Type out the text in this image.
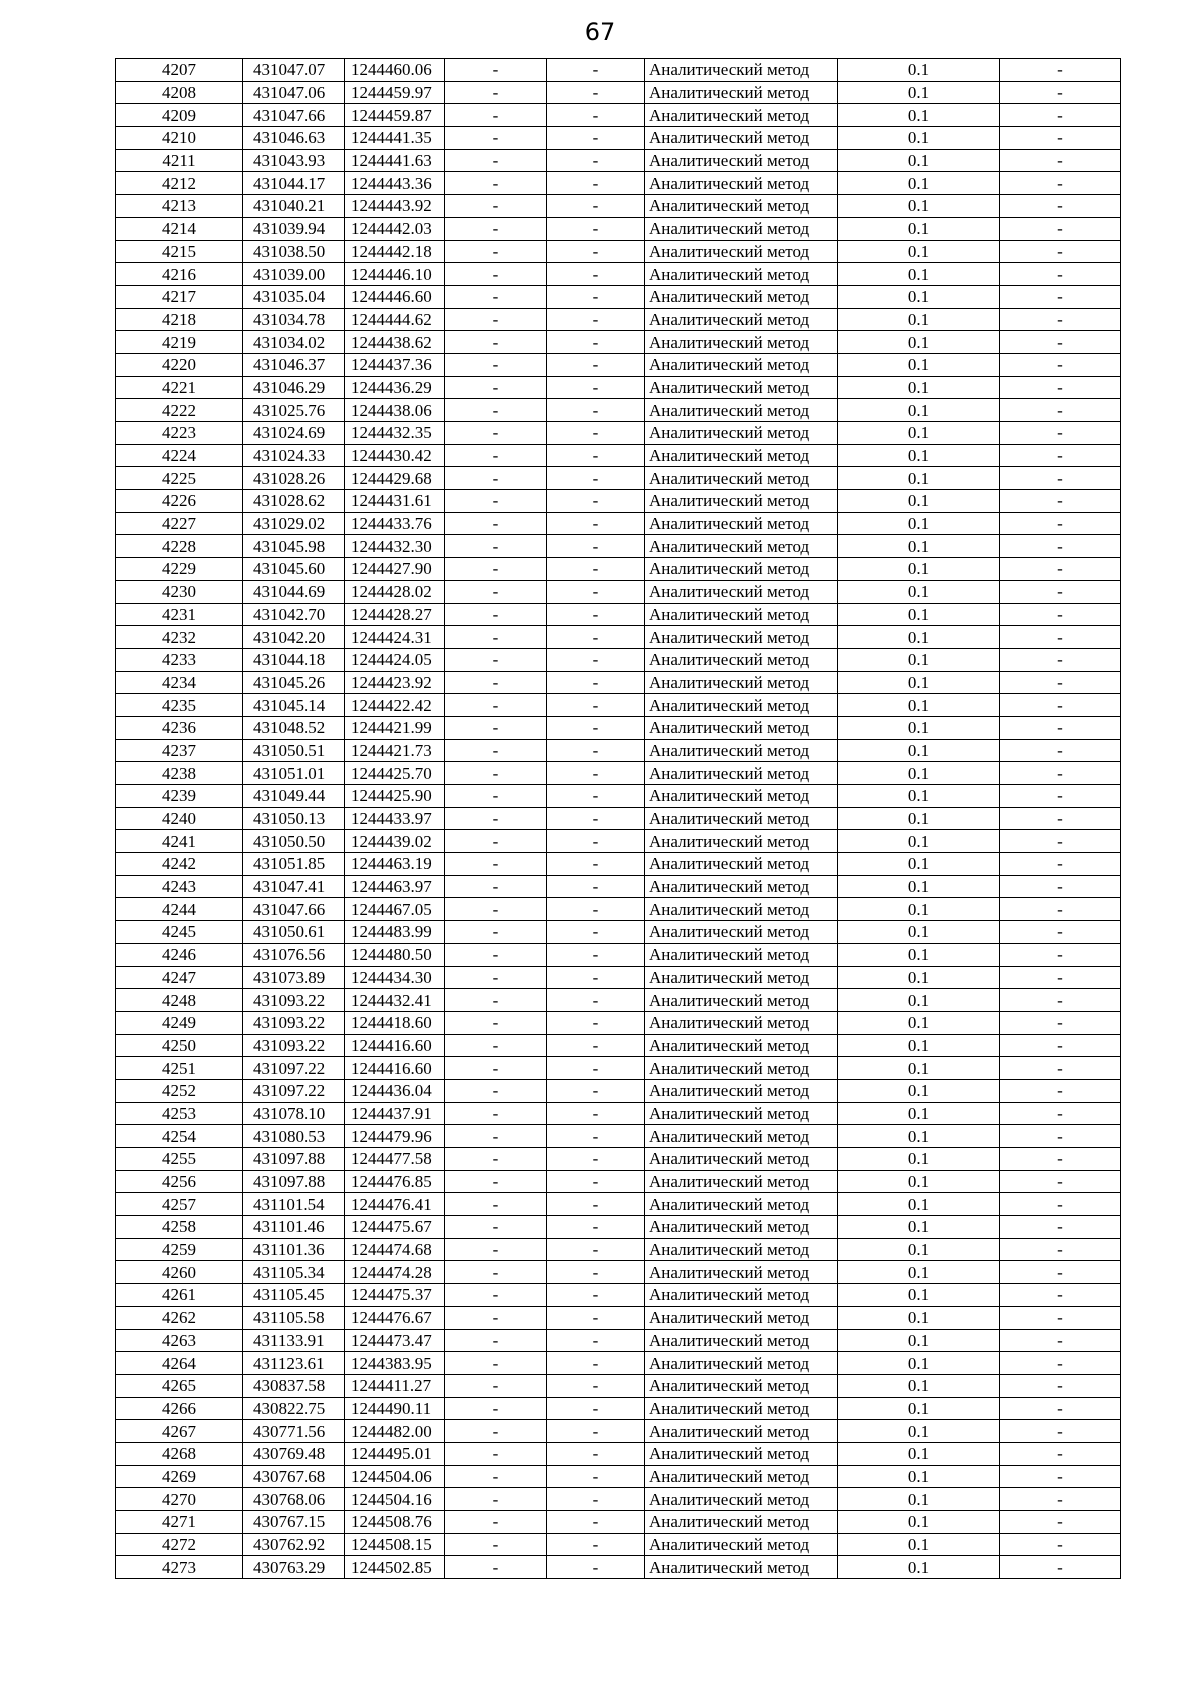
67
4207	431047.07	1244460.06	-	-	Аналитический метод	0.1	-
4208	431047.06	1244459.97	-	-	Аналитический метод	0.1	-
4209	431047.66	1244459.87	-	-	Аналитический метод	0.1	-
4210	431046.63	1244441.35	-	-	Аналитический метод	0.1	-
4211	431043.93	1244441.63	-	-	Аналитический метод	0.1	-
4212	431044.17	1244443.36	-	-	Аналитический метод	0.1	-
4213	431040.21	1244443.92	-	-	Аналитический метод	0.1	-
4214	431039.94	1244442.03	-	-	Аналитический метод	0.1	-
4215	431038.50	1244442.18	-	-	Аналитический метод	0.1	-
4216	431039.00	1244446.10	-	-	Аналитический метод	0.1	-
4217	431035.04	1244446.60	-	-	Аналитический метод	0.1	-
4218	431034.78	1244444.62	-	-	Аналитический метод	0.1	-
4219	431034.02	1244438.62	-	-	Аналитический метод	0.1	-
4220	431046.37	1244437.36	-	-	Аналитический метод	0.1	-
4221	431046.29	1244436.29	-	-	Аналитический метод	0.1	-
4222	431025.76	1244438.06	-	-	Аналитический метод	0.1	-
4223	431024.69	1244432.35	-	-	Аналитический метод	0.1	-
4224	431024.33	1244430.42	-	-	Аналитический метод	0.1	-
4225	431028.26	1244429.68	-	-	Аналитический метод	0.1	-
4226	431028.62	1244431.61	-	-	Аналитический метод	0.1	-
4227	431029.02	1244433.76	-	-	Аналитический метод	0.1	-
4228	431045.98	1244432.30	-	-	Аналитический метод	0.1	-
4229	431045.60	1244427.90	-	-	Аналитический метод	0.1	-
4230	431044.69	1244428.02	-	-	Аналитический метод	0.1	-
4231	431042.70	1244428.27	-	-	Аналитический метод	0.1	-
4232	431042.20	1244424.31	-	-	Аналитический метод	0.1	-
4233	431044.18	1244424.05	-	-	Аналитический метод	0.1	-
4234	431045.26	1244423.92	-	-	Аналитический метод	0.1	-
4235	431045.14	1244422.42	-	-	Аналитический метод	0.1	-
4236	431048.52	1244421.99	-	-	Аналитический метод	0.1	-
4237	431050.51	1244421.73	-	-	Аналитический метод	0.1	-
4238	431051.01	1244425.70	-	-	Аналитический метод	0.1	-
4239	431049.44	1244425.90	-	-	Аналитический метод	0.1	-
4240	431050.13	1244433.97	-	-	Аналитический метод	0.1	-
4241	431050.50	1244439.02	-	-	Аналитический метод	0.1	-
4242	431051.85	1244463.19	-	-	Аналитический метод	0.1	-
4243	431047.41	1244463.97	-	-	Аналитический метод	0.1	-
4244	431047.66	1244467.05	-	-	Аналитический метод	0.1	-
4245	431050.61	1244483.99	-	-	Аналитический метод	0.1	-
4246	431076.56	1244480.50	-	-	Аналитический метод	0.1	-
4247	431073.89	1244434.30	-	-	Аналитический метод	0.1	-
4248	431093.22	1244432.41	-	-	Аналитический метод	0.1	-
4249	431093.22	1244418.60	-	-	Аналитический метод	0.1	-
4250	431093.22	1244416.60	-	-	Аналитический метод	0.1	-
4251	431097.22	1244416.60	-	-	Аналитический метод	0.1	-
4252	431097.22	1244436.04	-	-	Аналитический метод	0.1	-
4253	431078.10	1244437.91	-	-	Аналитический метод	0.1	-
4254	431080.53	1244479.96	-	-	Аналитический метод	0.1	-
4255	431097.88	1244477.58	-	-	Аналитический метод	0.1	-
4256	431097.88	1244476.85	-	-	Аналитический метод	0.1	-
4257	431101.54	1244476.41	-	-	Аналитический метод	0.1	-
4258	431101.46	1244475.67	-	-	Аналитический метод	0.1	-
4259	431101.36	1244474.68	-	-	Аналитический метод	0.1	-
4260	431105.34	1244474.28	-	-	Аналитический метод	0.1	-
4261	431105.45	1244475.37	-	-	Аналитический метод	0.1	-
4262	431105.58	1244476.67	-	-	Аналитический метод	0.1	-
4263	431133.91	1244473.47	-	-	Аналитический метод	0.1	-
4264	431123.61	1244383.95	-	-	Аналитический метод	0.1	-
4265	430837.58	1244411.27	-	-	Аналитический метод	0.1	-
4266	430822.75	1244490.11	-	-	Аналитический метод	0.1	-
4267	430771.56	1244482.00	-	-	Аналитический метод	0.1	-
4268	430769.48	1244495.01	-	-	Аналитический метод	0.1	-
4269	430767.68	1244504.06	-	-	Аналитический метод	0.1	-
4270	430768.06	1244504.16	-	-	Аналитический метод	0.1	-
4271	430767.15	1244508.76	-	-	Аналитический метод	0.1	-
4272	430762.92	1244508.15	-	-	Аналитический метод	0.1	-
4273	430763.29	1244502.85	-	-	Аналитический метод	0.1	-
